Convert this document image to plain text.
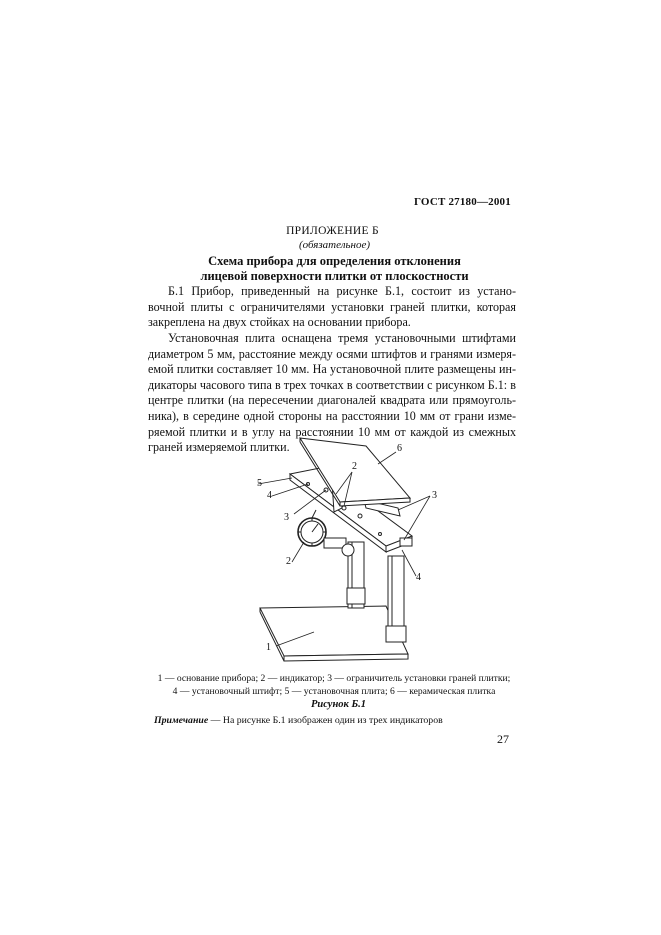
ГОСТ 27180—2001
ПРИЛОЖЕНИЕ Б
(обязательное)
Схема прибора для определения отклонения
лицевой поверхности плитки от плоскостности
Б.1 Прибор, приведенный на рисунке Б.1, состоит из устано-
вочной плиты с ограничителями установки граней плитки, которая
закреплена на двух стойках на основании прибора.
Установочная плита оснащена тремя установочными штифтами
диаметром 5 мм, расстояние между осями штифтов и гранями измеря-
емой плитки составляет 10 мм. На установочной плите размещены ин-
дикаторы часового типа в трех точках в соответствии с рисунком Б.1: в
центре плитки (на пересечении диагоналей квадрата или прямоуголь-
ника), в середине одной стороны на расстоянии 10 мм от грани изме-
ряемой плитки и в углу на расстоянии 10 мм от каждой из смежных
граней измеряемой плитки.
5
4
3
2
2
6
3
4
1
1 — основание прибора; 2 — индикатор; 3 — ограничитель установки граней плитки;
4 — установочный штифт; 5 — установочная плита; 6 — керамическая плитка
Рисунок Б.1
Примечание — На рисунке Б.1 изображен один из трех индикаторов
27
